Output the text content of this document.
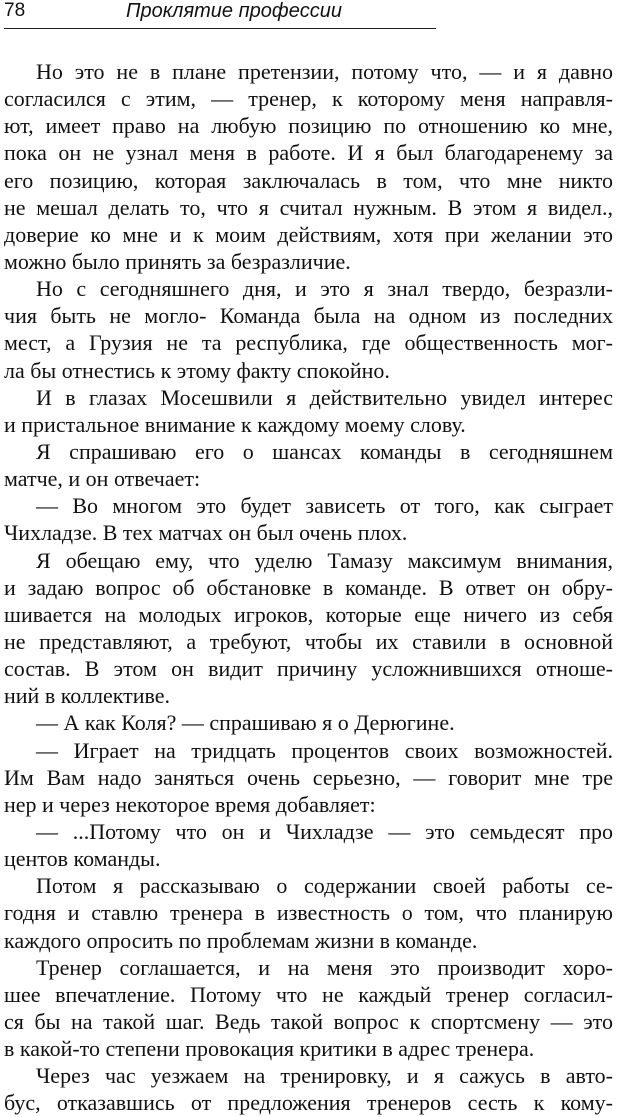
78	Проклятие профессии
Но это не в плане претензии, потому что, — и я давно
согласился с этим, — тренер, к которому меня направля-
ют, имеет право на любую позицию по отношению ко мне,
пока он не узнал меня в работе. И я был благодаренему за
его позицию, которая заключалась в том, что мне никто
не мешал делать то, что я считал нужным. В этом я видел.,
доверие ко мне и к моим действиям, хотя при желании это
можно было принять за безразличие.
Но с сегодняшнего дня, и это я знал твердо, безразли-
чия быть не могло- Команда была на одном из последних
мест, а Грузия не та республика, где общественность мог-
ла бы отнестись к этому факту спокойно.
И в глазах Мосешвили я действительно увидел интерес
и пристальное внимание к каждому моему слову.
Я спрашиваю его о шансах команды в сегодняшнем
матче, и он отвечает:
— Во многом это будет зависеть от того, как сыграет
Чихладзе. В тех матчах он был очень плох.
Я обещаю ему, что уделю Тамазу максимум внимания,
и задаю вопрос об обстановке в команде. В ответ он обру-
шивается на молодых игроков, которые еще ничего из себя
не представляют, а требуют, чтобы их ставили в основной
состав. В этом он видит причину усложнившихся отноше-
ний в коллективе.
— А как Коля? — спрашиваю я о Дерюгине.
— Играет на тридцать процентов своих возможностей.
Им Вам надо заняться очень серьезно, — говорит мне тре
нер и через некоторое время добавляет:
— ...Потому что он и Чихладзе — это семьдесят про
центов команды.
Потом я рассказываю о содержании своей работы се-
годня и ставлю тренера в известность о том, что планирую
каждого опросить по проблемам жизни в команде.
Тренер соглашается, и на меня это производит хоро-
шее впечатление. Потому что не каждый тренер согласил-
ся бы на такой шаг. Ведь такой вопрос к спортсмену — это
в какой-то степени провокация критики в адрес тренера.
Через час уезжаем на тренировку, и я сажусь в авто-
бус, отказавшись от предложения тренеров сесть к кому-
